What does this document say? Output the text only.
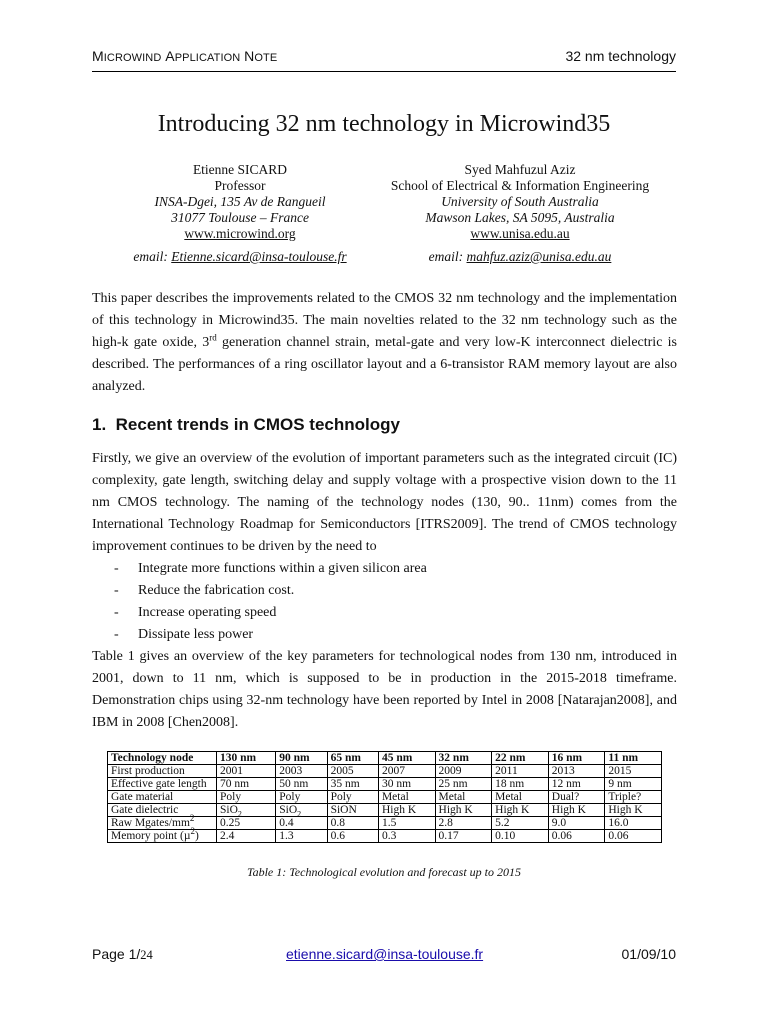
MICROWIND APPLICATION NOTE	32 nm technology
Introducing 32 nm technology in Microwind35
Etienne SICARD
Professor
INSA-Dgei, 135 Av de Rangueil
31077 Toulouse – France
www.microwind.org
Syed Mahfuzul Aziz
School of Electrical & Information Engineering
University of South Australia
Mawson Lakes, SA 5095, Australia
www.unisa.edu.au
email: Etienne.sicard@insa-toulouse.fr	email: mahfuz.aziz@unisa.edu.au
This paper describes the improvements related to the CMOS 32 nm technology and the implementation of this technology in Microwind35. The main novelties related to the 32 nm technology such as the high-k gate oxide, 3rd generation channel strain, metal-gate and very low-K interconnect dielectric is described. The performances of a ring oscillator layout and a 6-transistor RAM memory layout are also analyzed.
1. Recent trends in CMOS technology
Firstly, we give an overview of the evolution of important parameters such as the integrated circuit (IC) complexity, gate length, switching delay and supply voltage with a prospective vision down to the 11 nm CMOS technology. The naming of the technology nodes (130, 90.. 11nm) comes from the International Technology Roadmap for Semiconductors [ITRS2009]. The trend of CMOS technology improvement continues to be driven by the need to
- Integrate more functions within a given silicon area
- Reduce the fabrication cost.
- Increase operating speed
- Dissipate less power
Table 1 gives an overview of the key parameters for technological nodes from 130 nm, introduced in 2001, down to 11 nm, which is supposed to be in production in the 2015-2018 timeframe. Demonstration chips using 32-nm technology have been reported by Intel in 2008 [Natarajan2008], and IBM in 2008 [Chen2008].
Technology node	130 nm	90 nm	65 nm	45 nm	32 nm	22 nm	16 nm	11 nm
First production	2001	2003	2005	2007	2009	2011	2013	2015
Effective gate length	70 nm	50 nm	35 nm	30 nm	25 nm	18 nm	12 nm	9 nm
Gate material	Poly	Poly	Poly	Metal	Metal	Metal	Dual?	Triple?
Gate dielectric	SiO$_2$	SiO$_2$	SiON	High K	High K	High K	High K	High K
Raw Mgates/$mm^2$	0.25	0.4	0.8	1.5	2.8	5.2	9.0	16.0
Memory point (µ$^2$)	2.4	1.3	0.6	0.3	0.17	0.10	0.06	0.06
Table 1: Technological evolution and forecast up to 2015
Page 1/24	etienne.sicard@insa-toulouse.fr	01/09/10
